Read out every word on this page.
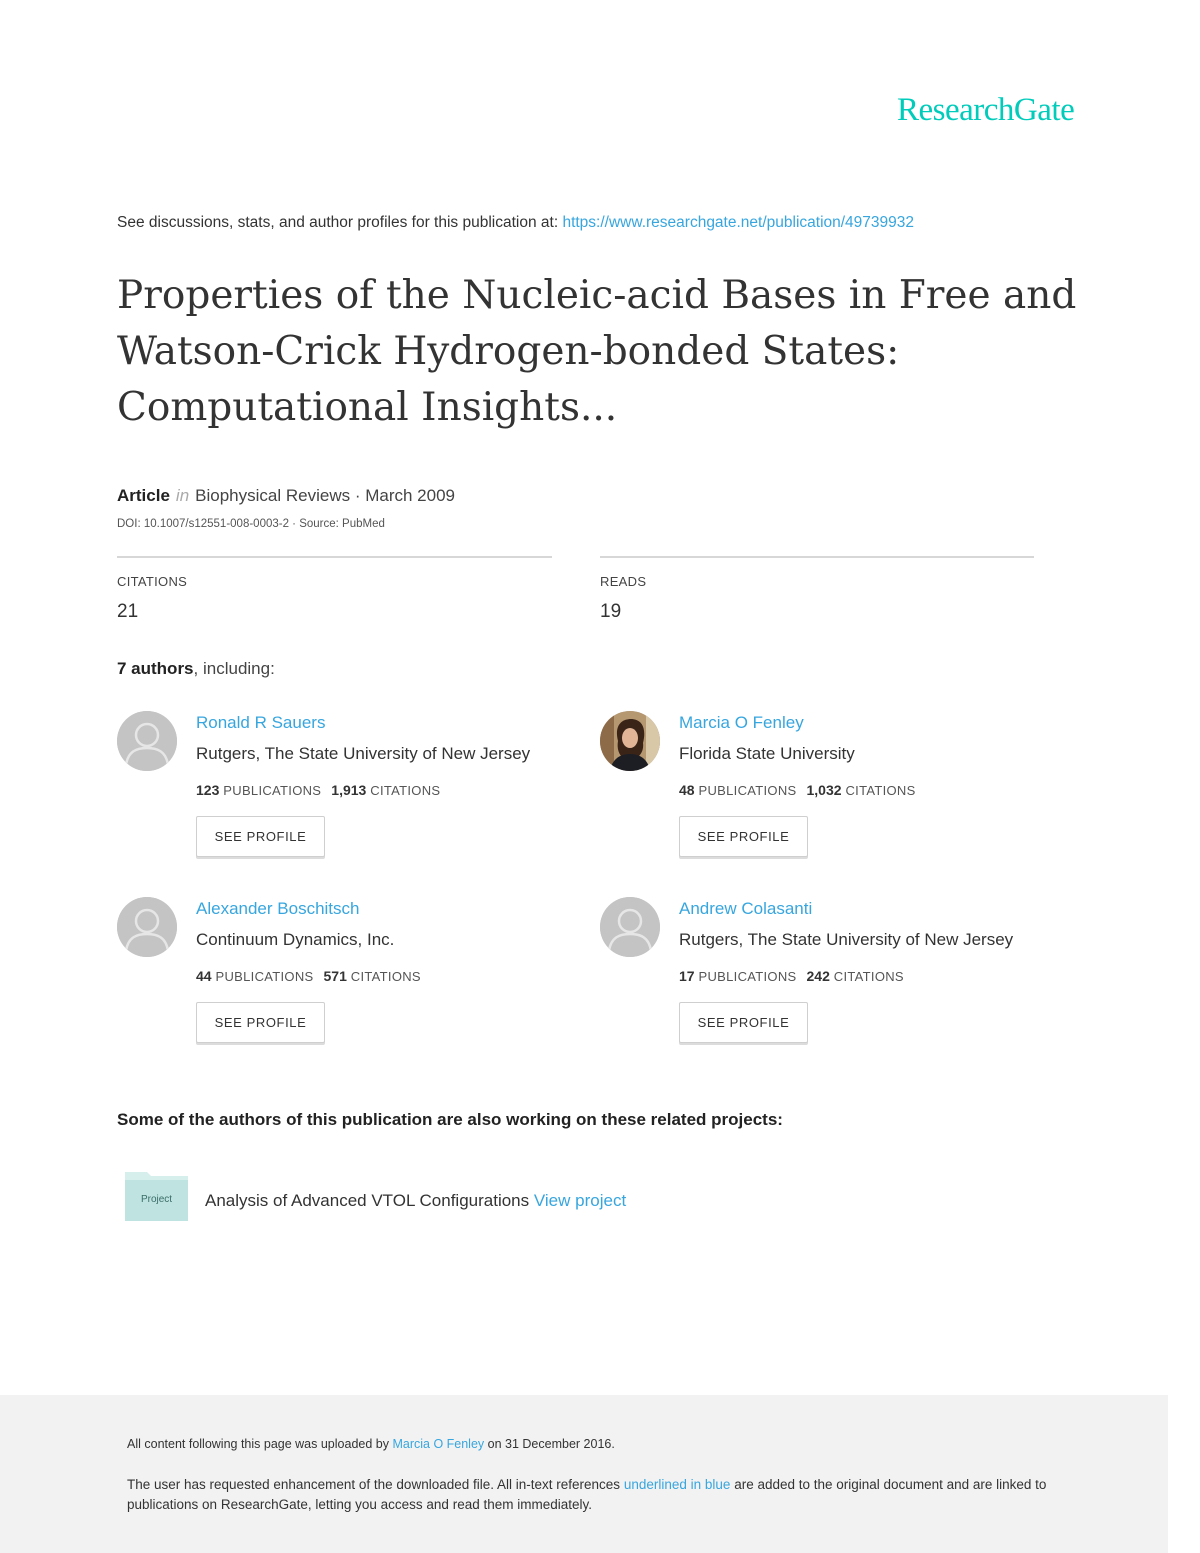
ResearchGate
See discussions, stats, and author profiles for this publication at: https://www.researchgate.net/publication/49739932
Properties of the Nucleic-acid Bases in Free and
Watson-Crick Hydrogen-bonded States:
Computational Insights...
Article in Biophysical Reviews · March 2009
DOI: 10.1007/s12551-008-0003-2 · Source: PubMed
CITATIONS
21
READS
19
7 authors, including:
Ronald R Sauers
Rutgers, The State University of New Jersey
123 PUBLICATIONS 1,913 CITATIONS
SEE PROFILE
Marcia O Fenley
Florida State University
48 PUBLICATIONS 1,032 CITATIONS
SEE PROFILE
Alexander Boschitsch
Continuum Dynamics, Inc.
44 PUBLICATIONS 571 CITATIONS
SEE PROFILE
Andrew Colasanti
Rutgers, The State University of New Jersey
17 PUBLICATIONS 242 CITATIONS
SEE PROFILE
Some of the authors of this publication are also working on these related projects:
Project	Analysis of Advanced VTOL Configurations View project
All content following this page was uploaded by Marcia O Fenley on 31 December 2016.
The user has requested enhancement of the downloaded file. All in-text references underlined in blue are added to the original document and are linked to publications on ResearchGate, letting you access and read them immediately.
